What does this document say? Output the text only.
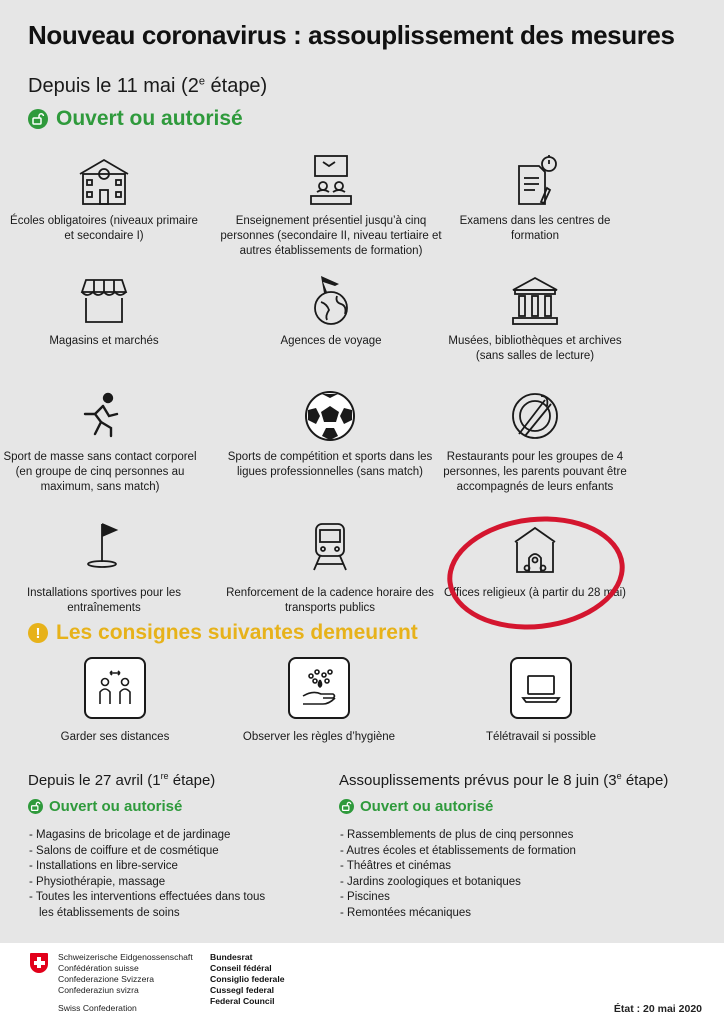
Nouveau coronavirus : assouplissement des mesures
Depuis le 11 mai (2e étape)
Ouvert ou autorisé
Écoles obligatoires (niveaux primaire et secondaire I)
Enseignement présentiel jusqu’à cinq personnes (secondaire II, niveau tertiaire et autres établissements de formation)
Examens dans les centres de formation
Magasins et marchés	Agences de voyage	Musées, bibliothèques et archives (sans salles de lecture)
Sport de masse sans contact corporel (en groupe de cinq personnes au maximum, sans match)
Sports de compétition et sports dans les ligues professionnelles (sans match)
Restaurants pour les groupes de 4 personnes, les parents pouvant être accompagnés de leurs enfants
Installations sportives pour les entraînements
Renforcement de la cadence horaire des transports publics
Offices religieux (à partir du 28 mai)
! Les consignes suivantes demeurent
Garder ses distances	Observer les règles d’hygiène	Télétravail si possible
Depuis le 27 avril (1re étape)
Ouvert ou autorisé
- Magasins de bricolage et de jardinage
- Salons de coiffure et de cosmétique
- Installations en libre-service
- Physiothérapie, massage
- Toutes les interventions effectuées dans tous les établissements de soins
Assouplissements prévus pour le 8 juin (3e étape)
Ouvert ou autorisé
- Rassemblements de plus de cinq personnes
- Autres écoles et établissements de formation
- Théâtres et cinémas
- Jardins zoologiques et botaniques
- Piscines
- Remontées mécaniques
Schweizerische Eidgenossenschaft
Confédération suisse
Confederazione Svizzera
Confederaziun svizra
Bundesrat
Conseil fédéral
Consiglio federale
Cussegl federal
Federal Council
Swiss Confederation	État : 20 mai 2020
